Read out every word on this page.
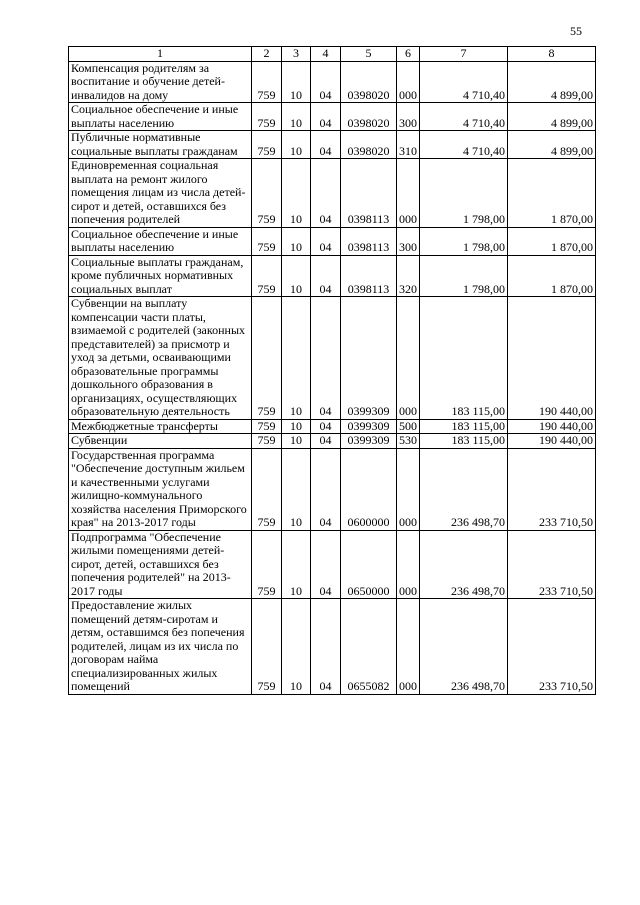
55
1	2	3	4	5	6	7	8
Компенсация родителям за воспитание и обучение детей-инвалидов на дому	759	10	04	0398020	000	4 710,40	4 899,00
Социальное обеспечение и иные выплаты населению	759	10	04	0398020	300	4 710,40	4 899,00
Публичные нормативные социальные выплаты гражданам	759	10	04	0398020	310	4 710,40	4 899,00
Единовременная социальная выплата на ремонт жилого помещения лицам из числа детей-сирот и детей, оставшихся без попечения родителей	759	10	04	0398113	000	1 798,00	1 870,00
Социальное обеспечение и иные выплаты населению	759	10	04	0398113	300	1 798,00	1 870,00
Социальные выплаты гражданам, кроме публичных нормативных социальных выплат	759	10	04	0398113	320	1 798,00	1 870,00
Субвенции на выплату компенсации части платы, взимаемой с родителей (законных представителей) за присмотр и уход за детьми, осваивающими образовательные программы дошкольного образования в организациях, осуществляющих образовательную деятельность	759	10	04	0399309	000	183 115,00	190 440,00
Межбюджетные трансферты	759	10	04	0399309	500	183 115,00	190 440,00
Субвенции	759	10	04	0399309	530	183 115,00	190 440,00
Государственная программа "Обеспечение доступным жильем и качественными услугами жилищно-коммунального хозяйства населения Приморского края" на 2013-2017 годы	759	10	04	0600000	000	236 498,70	233 710,50
Подпрограмма "Обеспечение жилыми помещениями детей-сирот, детей, оставшихся без попечения родителей" на 2013-2017 годы	759	10	04	0650000	000	236 498,70	233 710,50
Предоставление жилых помещений детям-сиротам и детям, оставшимся без попечения родителей, лицам из их числа по договорам найма специализированных жилых помещений	759	10	04	0655082	000	236 498,70	233 710,50
